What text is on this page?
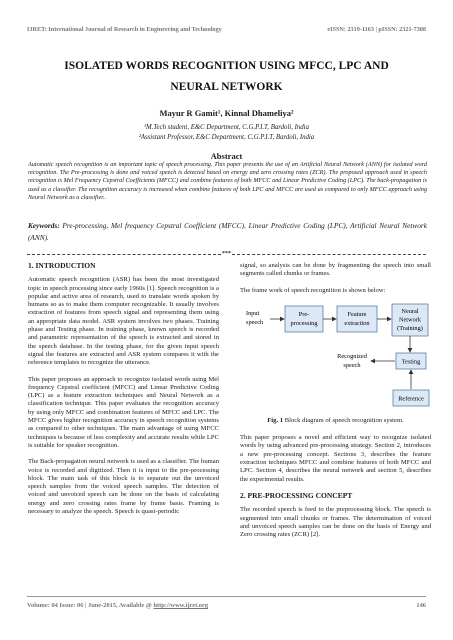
IJRET: International Journal of Research in Engineering and Technology	eISSN: 2319-1163 | pISSN: 2321-7308
ISOLATED WORDS RECOGNITION USING MFCC, LPC AND
NEURAL NETWORK
Mayur R Gamit¹, Kinnal Dhameliya²
¹M.Tech student, E&C Department, C.G.P.I.T, Bardoli, India
²Assistant Professor, E&C Department, C.G.P.I.T, Bardoli, India
Abstract
Automatic speech recognition is an important topic of speech processing. This paper presents the use of an Artificial Neural Network (ANN) for isolated word recognition. The Pre-processing is done and voiced speech is detected based on energy and zero crossing rates (ZCR). The proposed approach used in speech recognition is Mel Frequency Cepstral Coefficients (MFCC) and combine features of both MFCC and Linear Predictive Coding (LPC). The back-propagation is used as a classifier. The recognition accuracy is increased when combine features of both LPC and MFCC are used as compared to only MFCC approach using Neural Network as a classifier..
Keywords: Pre-processing, Mel frequency Cepstral Coefficient (MFCC), Linear Predictive Coding (LPC), Artificial Neural Network (ANN).
***
1. INTRODUCTION

Automatic speech recognition (ASR) has been the most investigated topic in speech processing since early 1960s [1]. Speech recognition is a popular and active area of research, used to translate words spoken by humans so as to make them computer recognizable. It usually involves extraction of features from speech signal and representing them using an appropriate data model. ASR system involves two phases. Training phase and Testing phase. In training phase, known speech is recorded and parametric representation of the speech is extracted and stored in the speech database. In the testing phase, for the given input speech signal the features are extracted and ASR system compares it with the reference templates to recognize the utterance.

This paper proposes an approach to recognize isolated words using Mel frequency Cepstral coefficient (MFCC) and Linear Predictive Coding (LPC) as a feature extraction techniques and Neural Network as a classification technique. This paper evaluates the recognition accuracy by using only MFCC and combination features of MFCC and LPC. The MFCC gives higher recognition accuracy in speech recognition systems as compared to other techniques. The main advantage of using MFCC techniques is because of less complexity and accurate results while LPC is suitable for speaker recognition.

The Back-propagation neural network is used as a classifier. The human voice is recorded and digitized. Then it is input to the pre-processing block. The main task of this block is to separate out the unvoiced speech samples from the voiced speech samples. The detection of voiced and unvoiced speech can be done on the basis of calculating energy and zero crossing rates frame by frame basis. Framing is necessary to analyze the speech. Speech is quasi-periodic

signal, so analysis can be done by fragmenting the speech into small segments called chunks or frames.

The frame work of speech recognition is shown below:

Input
speech
Pre-
processing
Feature
extraction
Neural
Network
(Training)
Recognized
speech	Testing
Reference
Fig. 1 Block diagram of speech recognition system.

This paper proposes a novel and efficient way to recognize isolated words by using advanced pre-processing strategy. Section 2, introduces a new pre-processing concept. Sections 3, describes the feature extraction techniques MFCC and combine features of both MFCC and LPC. Section 4, describes the neural network and section 5, describes the experimental results.

2. PRE-PROCESSING CONCEPT

The recorded speech is feed to the preprocessing block. The speech is segmented into small chunks or frames. The determination of voiced and unvoiced speech samples can be done on the basis of Energy and Zero crossing rates (ZCR) [2].

Volume: 04 Issue: 06 | June-2015, Available @ http://www.ijret.org	146
